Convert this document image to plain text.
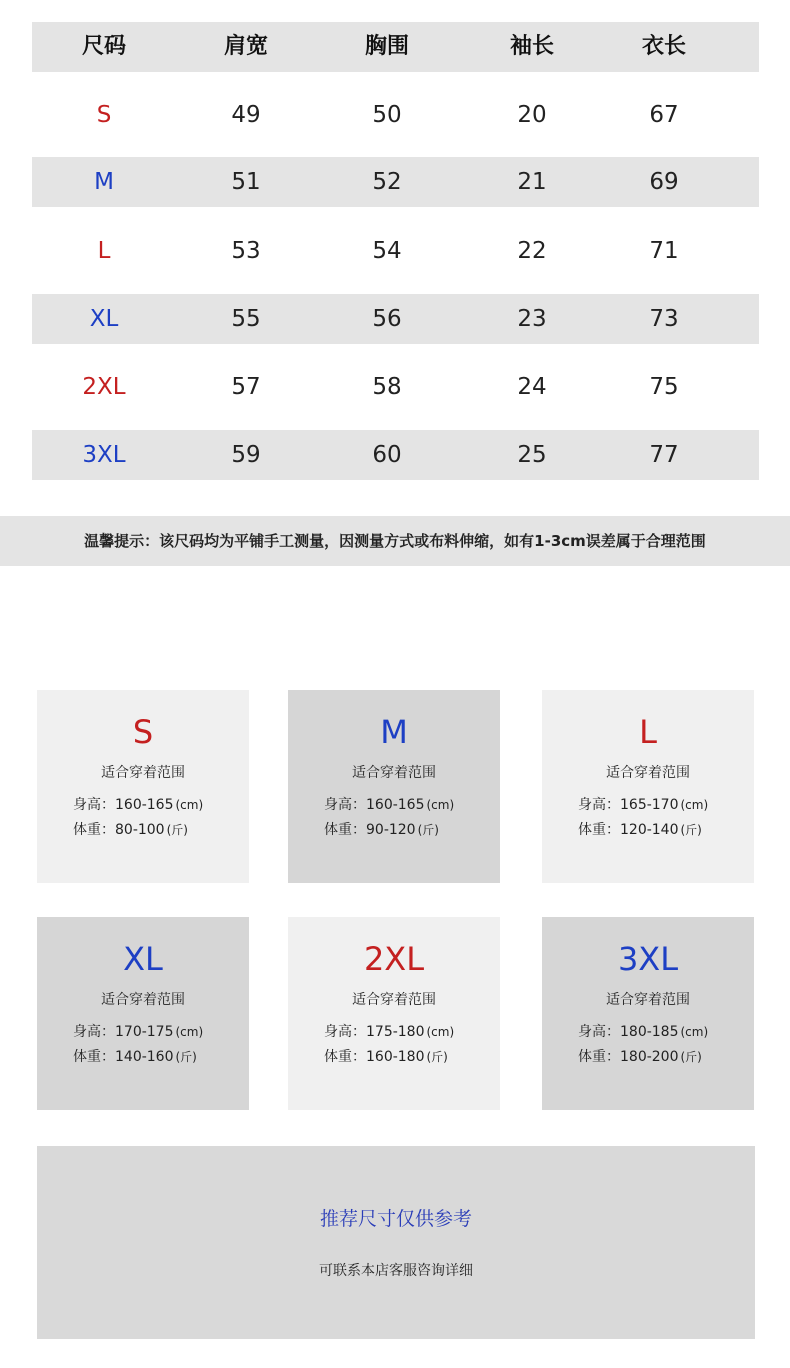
尺码	肩宽	胸围	袖长	衣长
S	49	50	20	67
M	51	52	21	69
L	53	54	22	71
XL	55	56	23	73
2XL	57	58	24	75
3XL	59	60	25	77
温馨提示：该尺码均为平铺手工测量，因测量方式或布料伸缩，如有1-3cm误差属于合理范围
S
适合穿着范围
身高：160-165 (cm)
体重：80-100 (斤)
M
适合穿着范围
身高：160-165 (cm)
体重：90-120 (斤)
L
适合穿着范围
身高：165-170 (cm)
体重：120-140 (斤)
XL
适合穿着范围
身高：170-175 (cm)
体重：140-160 (斤)
2XL
适合穿着范围
身高：175-180 (cm)
体重：160-180 (斤)
3XL
适合穿着范围
身高：180-185 (cm)
体重：180-200 (斤)
推荐尺寸仅供参考
可联系本店客服咨询详细
